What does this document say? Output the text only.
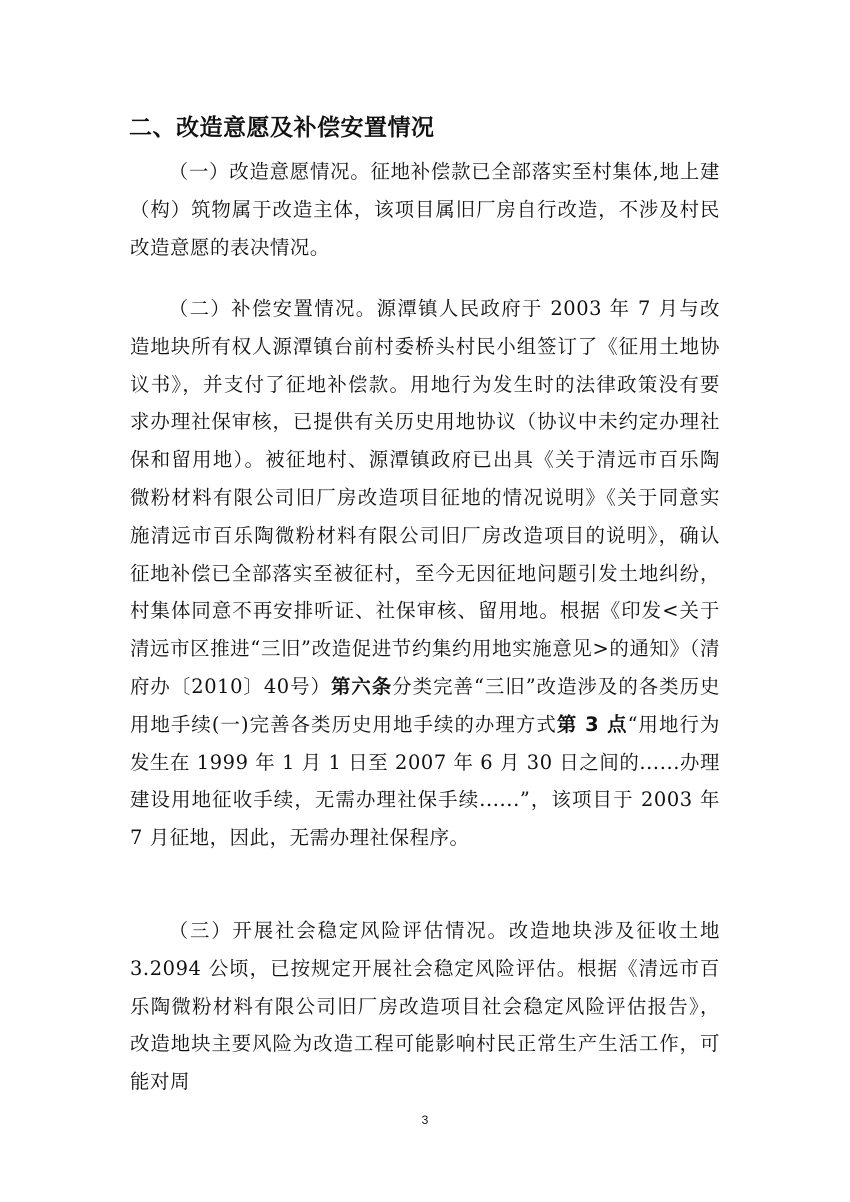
二、改造意愿及补偿安置情况

（一）改造意愿情况。征地补偿款已全部落实至村集体,地上建（构）筑物属于改造主体，该项目属旧厂房自行改造，不涉及村民改造意愿的表决情况。

（二）补偿安置情况。源潭镇人民政府于 2003 年 7 月与改造地块所有权人源潭镇台前村委桥头村民小组签订了《征用土地协议书》，并支付了征地补偿款。用地行为发生时的法律政策没有要求办理社保审核，已提供有关历史用地协议（协议中未约定办理社保和留用地）。被征地村、源潭镇政府已出具《关于清远市百乐陶微粉材料有限公司旧厂房改造项目征地的情况说明》《关于同意实施清远市百乐陶微粉材料有限公司旧厂房改造项目的说明》，确认征地补偿已全部落实至被征村，至今无因征地问题引发土地纠纷，村集体同意不再安排听证、社保审核、留用地。根据《印发<关于清远市区推进“三旧”改造促进节约集约用地实施意见>的通知》（清府办〔2010〕40号）第六条分类完善“三旧”改造涉及的各类历史用地手续(一)完善各类历史用地手续的办理方式第 3 点“用地行为发生在 1999 年 1 月 1 日至 2007 年 6 月 30 日之间的......办理建设用地征收手续，无需办理社保手续......”，该项目于 2003 年 7 月征地，因此，无需办理社保程序。

（三）开展社会稳定风险评估情况。改造地块涉及征收土地 3.2094 公顷，已按规定开展社会稳定风险评估。根据《清远市百乐陶微粉材料有限公司旧厂房改造项目社会稳定风险评估报告》，改造地块主要风险为改造工程可能影响村民正常生产生活工作，可能对周

3
